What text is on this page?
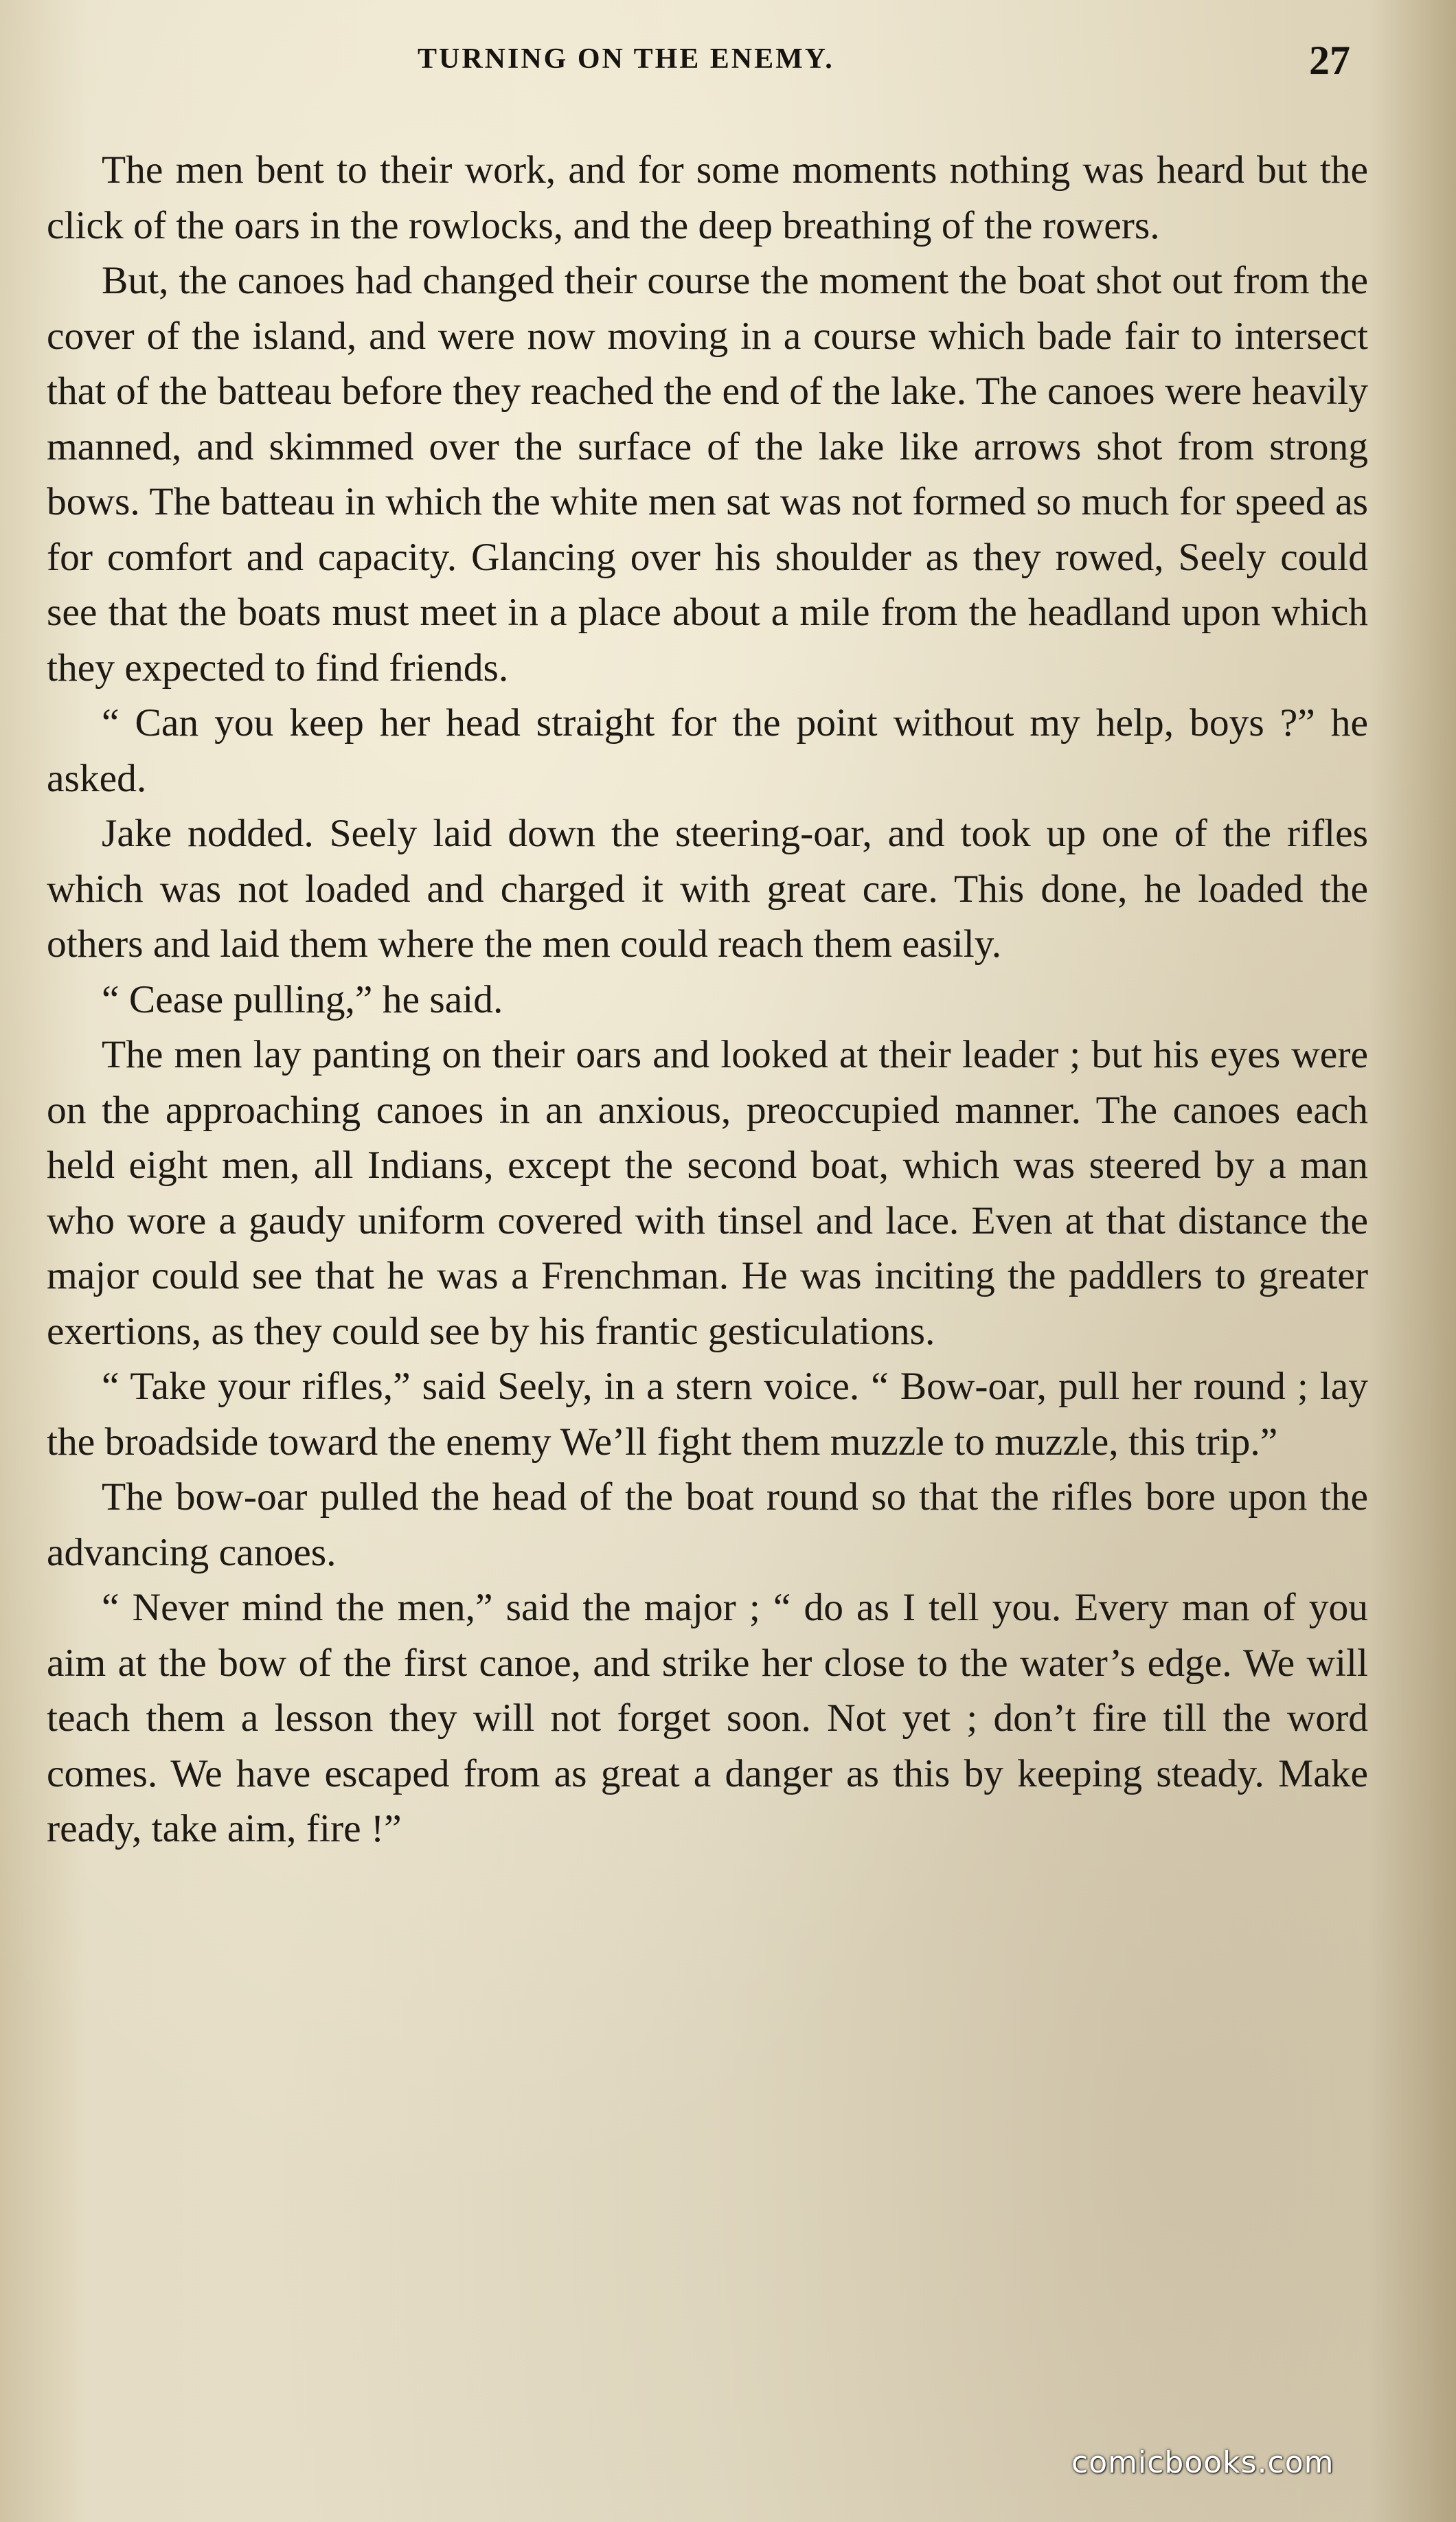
TURNING ON THE ENEMY.	27

The men bent to their work, and for some moments nothing was heard but the click of the oars in the rowlocks, and the deep breathing of the rowers.

But, the canoes had changed their course the moment the boat shot out from the cover of the island, and were now moving in a course which bade fair to intersect that of the batteau before they reached the end of the lake. The canoes were heavily manned, and skimmed over the surface of the lake like arrows shot from strong bows. The batteau in which the white men sat was not formed so much for speed as for comfort and capacity. Glancing over his shoulder as they rowed, Seely could see that the boats must meet in a place about a mile from the headland upon which they expected to find friends.

“ Can you keep her head straight for the point without my help, boys ?” he asked.

Jake nodded. Seely laid down the steering-oar, and took up one of the rifles which was not loaded and charged it with great care. This done, he loaded the others and laid them where the men could reach them easily.

“ Cease pulling,” he said.

The men lay panting on their oars and looked at their leader ; but his eyes were on the approaching canoes in an anxious, preoccupied manner. The canoes each held eight men, all Indians, except the second boat, which was steered by a man who wore a gaudy uniform covered with tinsel and lace. Even at that distance the major could see that he was a Frenchman. He was inciting the paddlers to greater exertions, as they could see by his frantic gesticulations.

“ Take your rifles,” said Seely, in a stern voice. “ Bow-oar, pull her round ; lay the broadside toward the enemy We’ll fight them muzzle to muzzle, this trip.”

The bow-oar pulled the head of the boat round so that the rifles bore upon the advancing canoes.

“ Never mind the men,” said the major ; “ do as I tell you. Every man of you aim at the bow of the first canoe, and strike her close to the water’s edge. We will teach them a lesson they will not forget soon. Not yet ; don’t fire till the word comes. We have escaped from as great a danger as this by keeping steady. Make ready, take aim, fire !”

comicbooks.com
